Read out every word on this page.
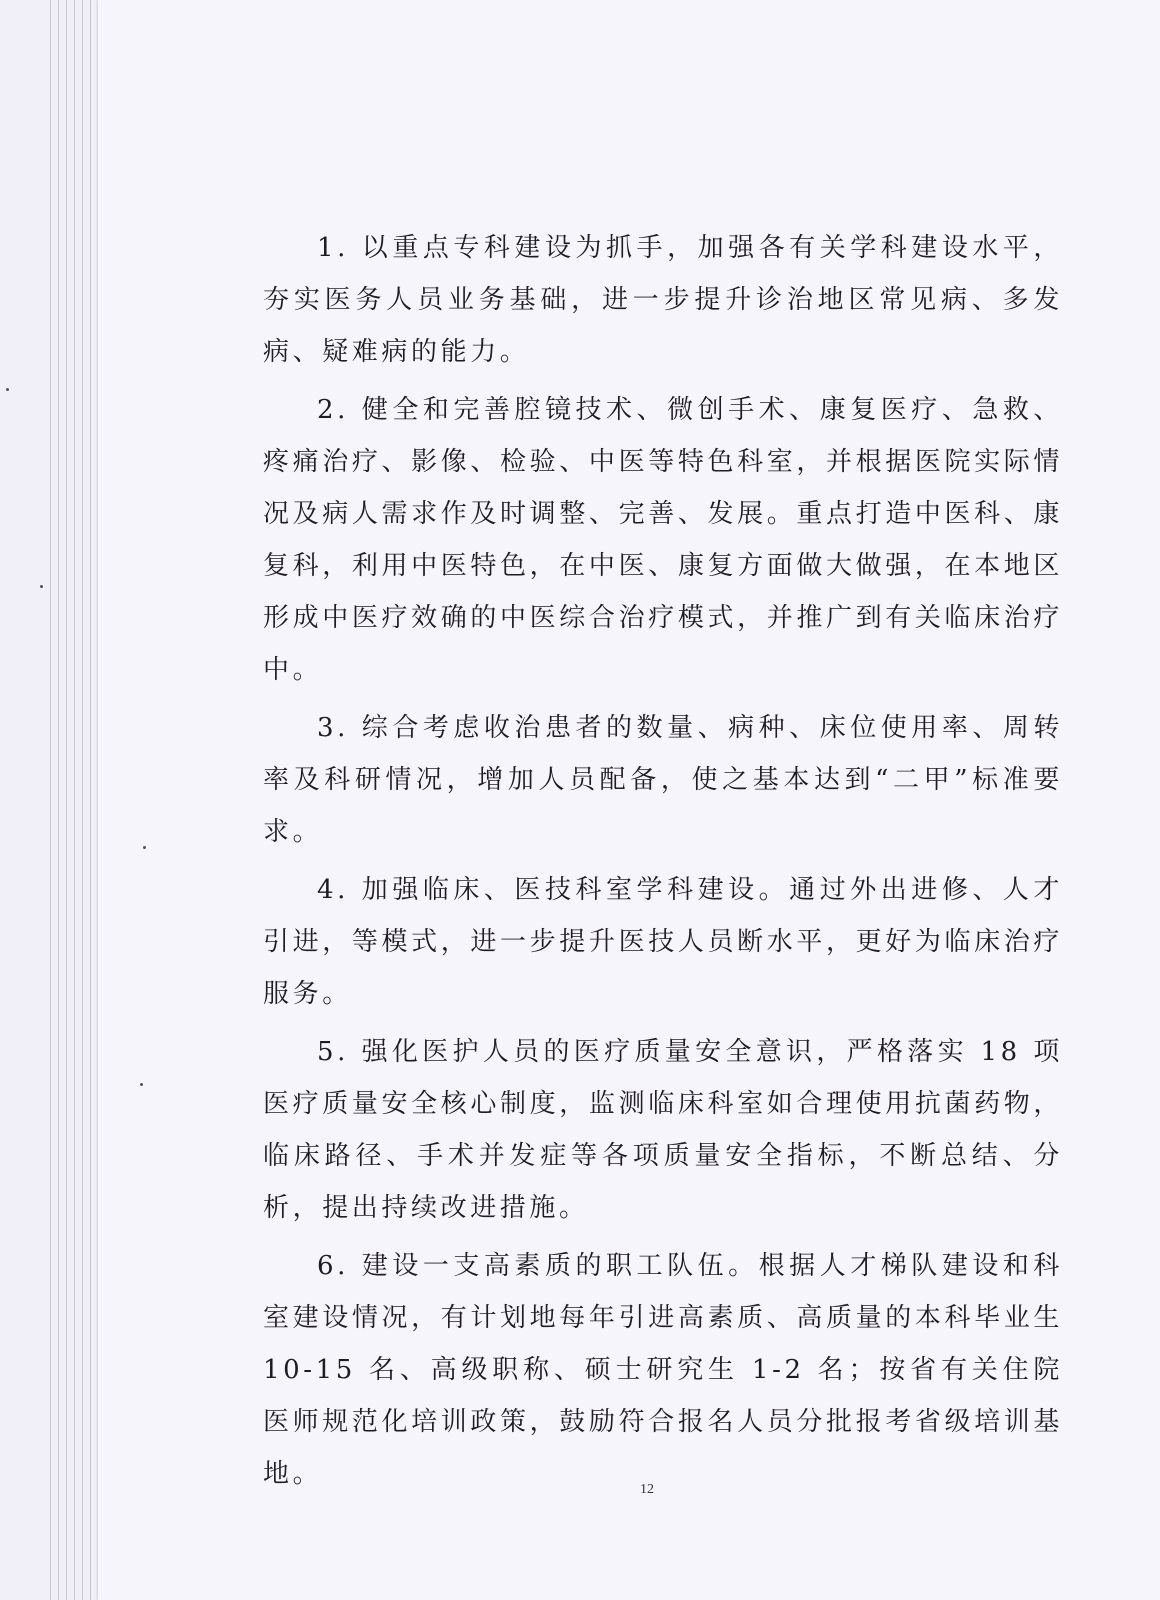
1. 以重点专科建设为抓手，加强各有关学科建设水平，夯实医务人员业务基础，进一步提升诊治地区常见病、多发病、疑难病的能力。

2. 健全和完善腔镜技术、微创手术、康复医疗、急救、疼痛治疗、影像、检验、中医等特色科室，并根据医院实际情况及病人需求作及时调整、完善、发展。重点打造中医科、康复科，利用中医特色，在中医、康复方面做大做强，在本地区形成中医疗效确的中医综合治疗模式，并推广到有关临床治疗中。

3. 综合考虑收治患者的数量、病种、床位使用率、周转率及科研情况，增加人员配备，使之基本达到“二甲”标准要求。

4. 加强临床、医技科室学科建设。通过外出进修、人才引进，等模式，进一步提升医技人员断水平，更好为临床治疗服务。

5. 强化医护人员的医疗质量安全意识，严格落实 18 项医疗质量安全核心制度，监测临床科室如合理使用抗菌药物，临床路径、手术并发症等各项质量安全指标，不断总结、分析，提出持续改进措施。

6. 建设一支高素质的职工队伍。根据人才梯队建设和科室建设情况，有计划地每年引进高素质、高质量的本科毕业生 10-15 名、高级职称、硕士研究生 1-2 名；按省有关住院医师规范化培训政策，鼓励符合报名人员分批报考省级培训基地。

12
